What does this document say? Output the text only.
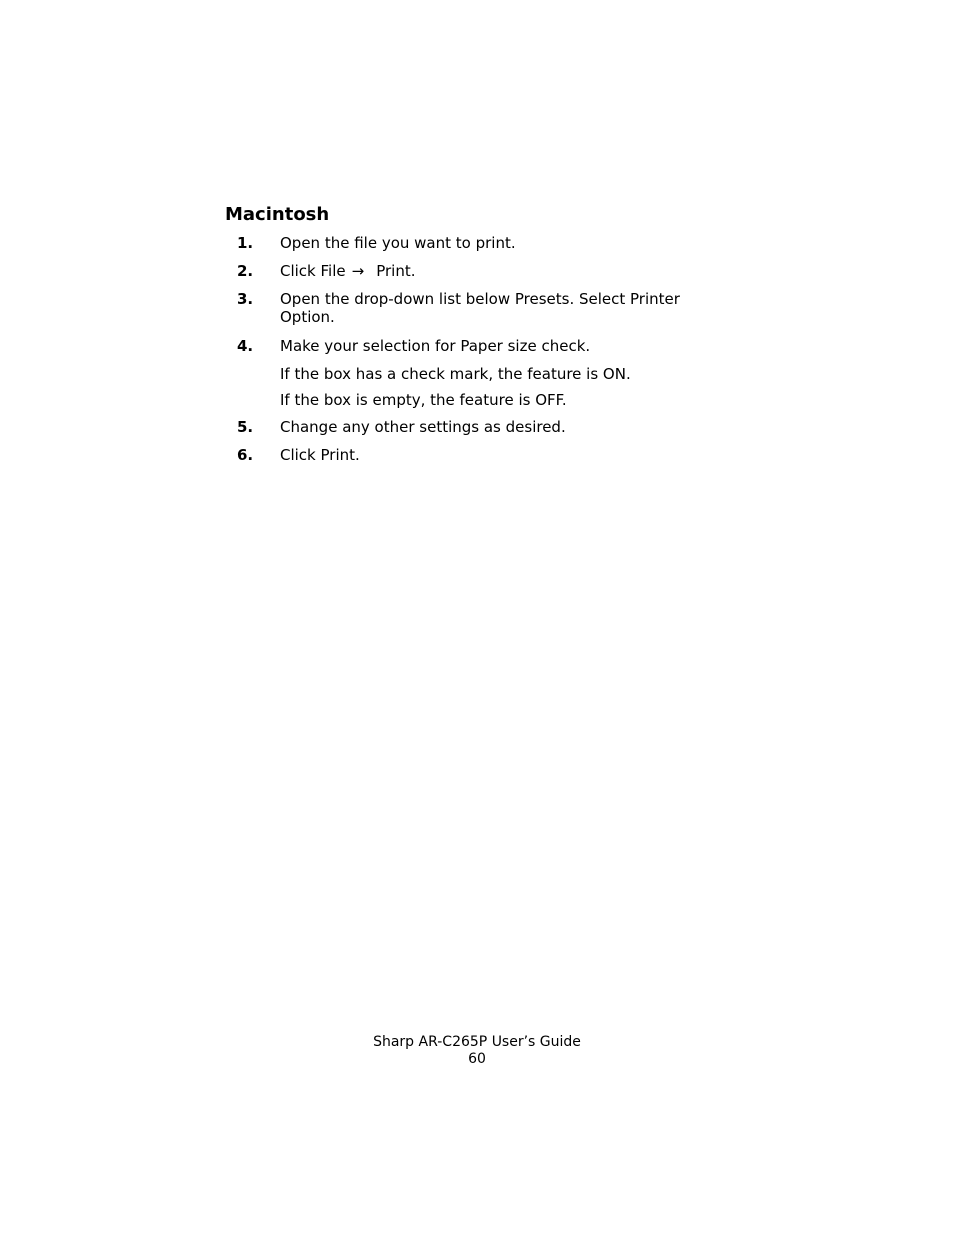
Macintosh
1. Open the file you want to print.
2. Click File → Print.
3. Open the drop-down list below Presets. Select Printer Option.
4. Make your selection for Paper size check.
If the box has a check mark, the feature is ON.
If the box is empty, the feature is OFF.
5. Change any other settings as desired.
6. Click Print.
Sharp AR-C265P User’s Guide
60
